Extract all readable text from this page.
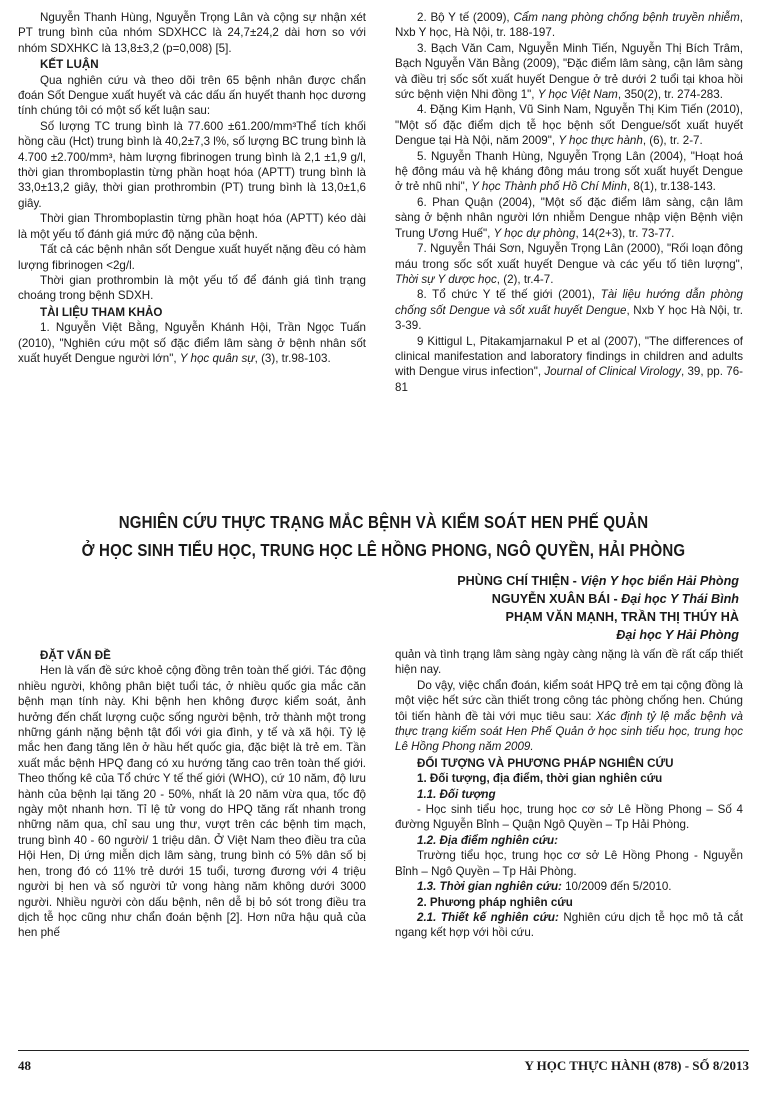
Nguyễn Thanh Hùng, Nguyễn Trọng Lân và cộng sự nhận xét PT trung bình của nhóm SDXHCC là 24,7±24,2 dài hơn so với nhóm SDXHKC là 13,8±3,2 (p=0,008) [5].

KẾT LUẬN

Qua nghiên cứu và theo dõi trên 65 bệnh nhân được chẩn đoán Sốt Dengue xuất huyết và các dấu ấn huyết thanh học dương tính chúng tôi có một số kết luận sau:

Số lượng TC trung bình là 77.600 ±61.200/mm³Thể tích khối hồng cầu (Hct) trung bình là 40,2±7,3 l%, số lượng BC trung bình là 4.700 ±2.700/mm³, hàm lượng fibrinogen trung bình là 2,1 ±1,9 g/l, thời gian thromboplastin từng phần hoạt hóa (APTT) trung bình là 33,0±13,2 giây, thời gian prothrombin (PT) trung bình là 13,0±1,6 giây.

Thời gian Thromboplastin từng phần hoạt hóa (APTT) kéo dài là một yếu tố đánh giá mức độ nặng của bệnh.

Tất cả các bệnh nhân sốt Dengue xuất huyết nặng đều có hàm lượng fibrinogen <2g/l.

Thời gian prothrombin là một yếu tố để đánh giá tình trạng choáng trong bệnh SDXH.

TÀI LIỆU THAM KHẢO

1. Nguyễn Việt Bằng, Nguyễn Khánh Hội, Trần Ngọc Tuấn (2010), "Nghiên cứu một số đặc điểm lâm sàng ở bệnh nhân sốt xuất huyết Dengue người lớn", Y học quân sự, (3), tr.98-103.

2. Bộ Y tế (2009), Cẩm nang phòng chống bệnh truyền nhiễm, Nxb Y học, Hà Nội, tr. 188-197.

3. Bạch Văn Cam, Nguyễn Minh Tiến, Nguyễn Thị Bích Trâm, Bạch Nguyễn Văn Bằng (2009), "Đặc điểm lâm sàng, cận lâm sàng và điều trị sốc sốt xuất huyết Dengue ở trẻ dưới 2 tuổi tại khoa hồi sức bệnh viện Nhi đồng 1", Y học Việt Nam, 350(2), tr. 274-283.

4. Đặng Kim Hạnh, Vũ Sinh Nam, Nguyễn Thị Kim Tiến (2010), "Một số đặc điểm dịch tễ học bệnh sốt Dengue/sốt xuất huyết Dengue tại Hà Nội, năm 2009", Y học thực hành, (6), tr. 2-7.

5. Nguyễn Thanh Hùng, Nguyễn Trọng Lân (2004), "Hoạt hoá hệ đông máu và hệ kháng đông máu trong sốt xuất huyết Dengue ở trẻ nhũ nhi", Y học Thành phố Hồ Chí Minh, 8(1), tr.138-143.

6. Phan Quận (2004), "Một số đặc điểm lâm sàng, cận lâm sàng ở bệnh nhân người lớn nhiễm Dengue nhập viện Bệnh viện Trung Ương Huế", Y học dự phòng, 14(2+3), tr. 73-77.

7. Nguyễn Thái Sơn, Nguyễn Trọng Lân (2000), "Rối loạn đông máu trong sốc sốt xuất huyết Dengue và các yếu tố tiên lượng", Thời sự Y dược học, (2), tr.4-7.

8. Tổ chức Y tế thế giới (2001), Tài liệu hướng dẫn phòng chống sốt Dengue và sốt xuất huyết Dengue, Nxb Y học Hà Nội, tr. 3-39.

9 Kittigul L, Pitakamjarnakul P et al (2007), "The differences of clinical manifestation and laboratory findings in children and adults with Dengue virus infection", Journal of Clinical Virology, 39, pp. 76-81

NGHIÊN CỨU THỰC TRẠNG MẮC BỆNH VÀ KIỂM SOÁT HEN PHẾ QUẢN
Ở HỌC SINH TIỂU HỌC, TRUNG HỌC LÊ HỒNG PHONG, NGÔ QUYỀN, HẢI PHÒNG
PHÙNG CHÍ THIỆN - Viện Y học biển Hải Phòng
NGUYỄN XUÂN BÁI - Đại học Y Thái Bình
PHẠM VĂN MẠNH, TRẦN THỊ THÚY HÀ
Đại học Y Hải Phòng
ĐẶT VẤN ĐỀ

Hen là vấn đề sức khoẻ cộng đồng trên toàn thế giới. Tác động nhiều người, không phân biệt tuổi tác, ở nhiều quốc gia mắc căn bệnh mạn tính này. Khi bệnh hen không được kiểm soát, ảnh hưởng đến chất lượng cuộc sống người bệnh, trở thành một trong những gánh nặng bệnh tật đối với gia đình, y tế và xã hội. Tỷ lệ mắc hen đang tăng lên ở hầu hết quốc gia, đặc biệt là trẻ em. Tần xuất mắc bệnh HPQ đang có xu hướng tăng cao trên toàn thế giới. Theo thống kê của Tổ chức Y tế thế giới (WHO), cứ 10 năm, độ lưu hành của bệnh lại tăng 20 - 50%, nhất là 20 năm vừa qua, tốc độ ngày một nhanh hơn. Tỉ lệ tử vong do HPQ tăng rất nhanh trong những năm qua, chỉ sau ung thư, vượt trên các bệnh tim mạch, trung bình 40 - 60 người/ 1 triệu dân. Ở Việt Nam theo điều tra của Hội Hen, Dị ứng miễn dịch lâm sàng, trung bình có 5% dân số bị hen, trong đó có 11% trẻ dưới 15 tuổi, tương đương với 4 triệu người bị hen và số người tử vong hàng năm không dưới 3000 người. Nhiều người còn dấu bệnh, nên dễ bị bỏ sót trong điều tra dịch tễ học cũng như chẩn đoán bệnh [2]. Hơn nữa hậu quả của hen phế

quản và tình trạng lâm sàng ngày càng nặng là vấn đề rất cấp thiết hiện nay.

Do vậy, việc chẩn đoán, kiểm soát HPQ trẻ em tại cộng đồng là một việc hết sức cần thiết trong công tác phòng chống hen. Chúng tôi tiến hành đề tài với mục tiêu sau: Xác định tỷ lệ mắc bệnh và thực trạng kiểm soát Hen Phế Quản ở học sinh tiểu học, trung học Lê Hồng Phong năm 2009.

ĐỐI TƯỢNG VÀ PHƯƠNG PHÁP NGHIÊN CỨU
1. Đối tượng, địa điểm, thời gian nghiên cứu
1.1. Đối tượng

- Học sinh tiểu học, trung học cơ sở Lê Hồng Phong – Số 4 đường Nguyễn Bỉnh – Quận Ngô Quyền – Tp Hải Phòng.

1.2. Địa điểm nghiên cứu:

Trường tiểu học, trung học cơ sở Lê Hồng Phong - Nguyễn Bỉnh – Ngô Quyền – Tp Hải Phòng.

1.3. Thời gian nghiên cứu: 10/2009 đến 5/2010.

2. Phương pháp nghiên cứu

2.1. Thiết kế nghiên cứu: Nghiên cứu dịch tễ học mô tả cắt ngang kết hợp với hồi cứu.

48	Y HỌC THỰC HÀNH (878) - SỐ 8/2013
